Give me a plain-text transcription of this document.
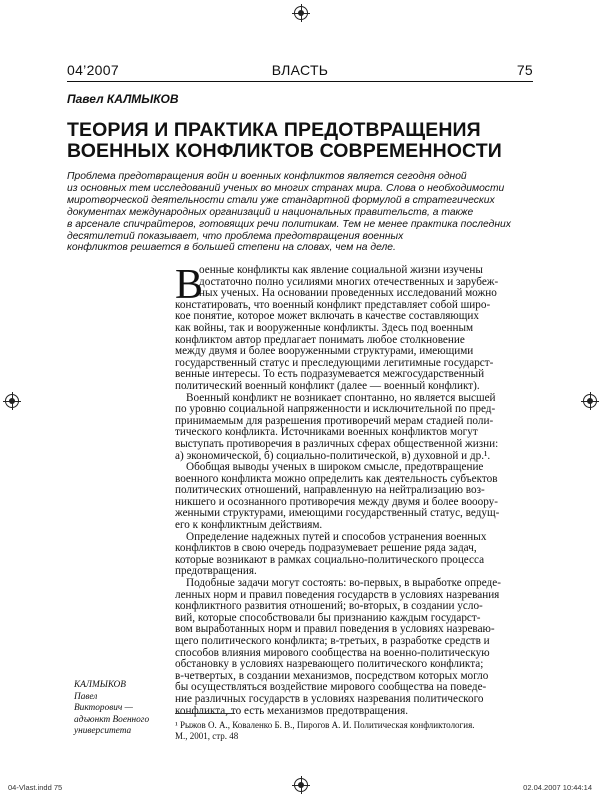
04’2007	ВЛАСТЬ	75
Павел КАЛМЫКОВ
ТЕОРИЯ И ПРАКТИКА ПРЕДОТВРАЩЕНИЯ
ВОЕННЫХ КОНФЛИКТОВ СОВРЕМЕННОСТИ
Проблема предотвращения войн и военных конфликтов является сегодня одной
из основных тем исследований ученых во многих странах мира. Слова о необходимости
миротворческой деятельности стали уже стандартной формулой в стратегических
документах международных организаций и национальных правительств, а также
в арсенале спичрайтеров, готовящих речи политикам. Тем не менее практика последних
десятилетий показывает, что проблема предотвращения военных
конфликтов решается в большей степени на словах, чем на деле.
В
оенные конфликты как явление социальной жизни изучены
достаточно полно усилиями многих отечественных и зарубеж-
ных ученых. На основании проведенных исследований можно
констатировать, что военный конфликт представляет собой широ-
кое понятие, которое может включать в качестве составляющих
как войны, так и вооруженные конфликты. Здесь под военным
конфликтом автор предлагает понимать любое столкновение
между двумя и более вооруженными структурами, имеющими
государственный статус и преследующими легитимные государст-
венные интересы. То есть подразумевается межгосударственный
политический военный конфликт (далее — военный конфликт).
Военный конфликт не возникает спонтанно, но является высшей
по уровню социальной напряженности и исключительной по пред-
принимаемым для разрешения противоречий мерам стадией поли-
тического конфликта. Источниками военных конфликтов могут
выступать противоречия в различных сферах общественной жизни:
а) экономической, б) социально-политической, в) духовной и др.¹.
Обобщая выводы ученых в широком смысле, предотвращение
военного конфликта можно определить как деятельность субъектов
политических отношений, направленную на нейтрализацию воз-
никшего и осознанного противоречия между двумя и более вооору-
женными структурами, имеющими государственный статус, ведущ-
его к конфликтным действиям.
Определение надежных путей и способов устранения военных
конфликтов в свою очередь подразумевает решение ряда задач,
которые возникают в рамках социально-политического процесса
предотвращения.
Подобные задачи могут состоять: во-первых, в выработке опреде-
ленных норм и правил поведения государств в условиях назревания
конфликтного развития отношений; во-вторых, в создании усло-
вий, которые способствовали бы признанию каждым государст-
вом выработанных норм и правил поведения в условиях назреваю-
щего политического конфликта; в-третьих, в разработке средств и
способов влияния мирового сообщества на военно-политическую
обстановку в условиях назревающего политического конфликта;
в-четвертых, в создании механизмов, посредством которых могло
бы осуществляться воздействие мирового сообщества на поведе-
ние различных государств в условиях назревания политического
конфликта, то есть механизмов предотвращения.
КАЛМЫКОВ
Павел
Викторович —
адъюнкт Военного
университета
¹ Рыжов О. А., Коваленко Б. В., Пирогов А. И. Политическая конфликтология.
М., 2001, стр. 48
04-Vlast.indd 75	02.04.2007 10:44:14
